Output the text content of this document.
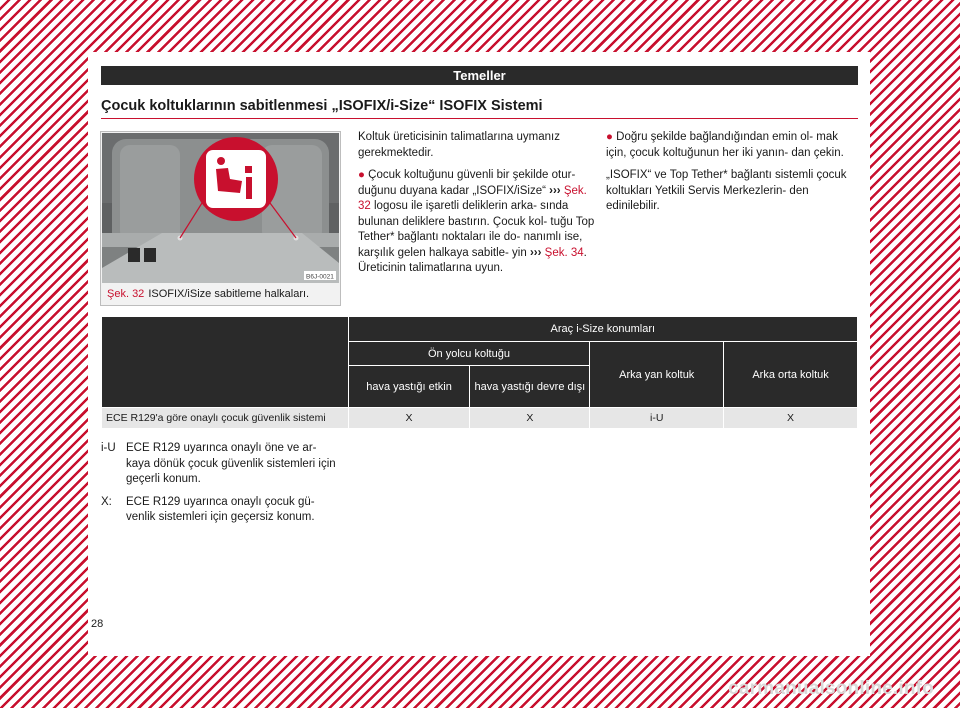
Temeller
Çocuk koltuklarının sabitlenmesi „ISOFIX/i-Size“ ISOFIX Sistemi
B6J-0021
Şek. 32 ISOFIX/iSize sabitleme halkaları.

Koltuk üreticisinin talimatlarına uymanız gerekmektedir.

● Çocuk koltuğunu güvenli bir şekilde otur- duğunu duyana kadar „ISOFIX/iSize“ ››› Şek. 32 logosu ile işaretli deliklerin arka- sında bulunan deliklere bastırın. Çocuk kol- tuğu Top Tether* bağlantı noktaları ile do- nanımlı ise, karşılık gelen halkaya sabitle- yin ››› Şek. 34. Üreticinin talimatlarına uyun.

● Doğru şekilde bağlandığından emin ol- mak için, çocuk koltuğunun her iki yanın- dan çekin.

„ISOFIX“ ve Top Tether* bağlantı sistemli çocuk koltukları Yetkili Servis Merkezlerin- den edinilebilir.

	Araç i-Size konumları			
	Ön yolcu koltuğu		Arka yan koltuk	Arka orta koltuk
	hava yastığı etkin	hava yastığı devre dışı		
ECE R129'a göre onaylı çocuk güvenlik sistemi	X	X	i-U	X
i-U ECE R129 uyarınca onaylı öne ve ar- kaya dönük çocuk güvenlik sistemleri için geçerli konum.
X:	ECE R129 uyarınca onaylı çocuk gü- venlik sistemleri için geçersiz konum.
28
carmanualsonline.info
